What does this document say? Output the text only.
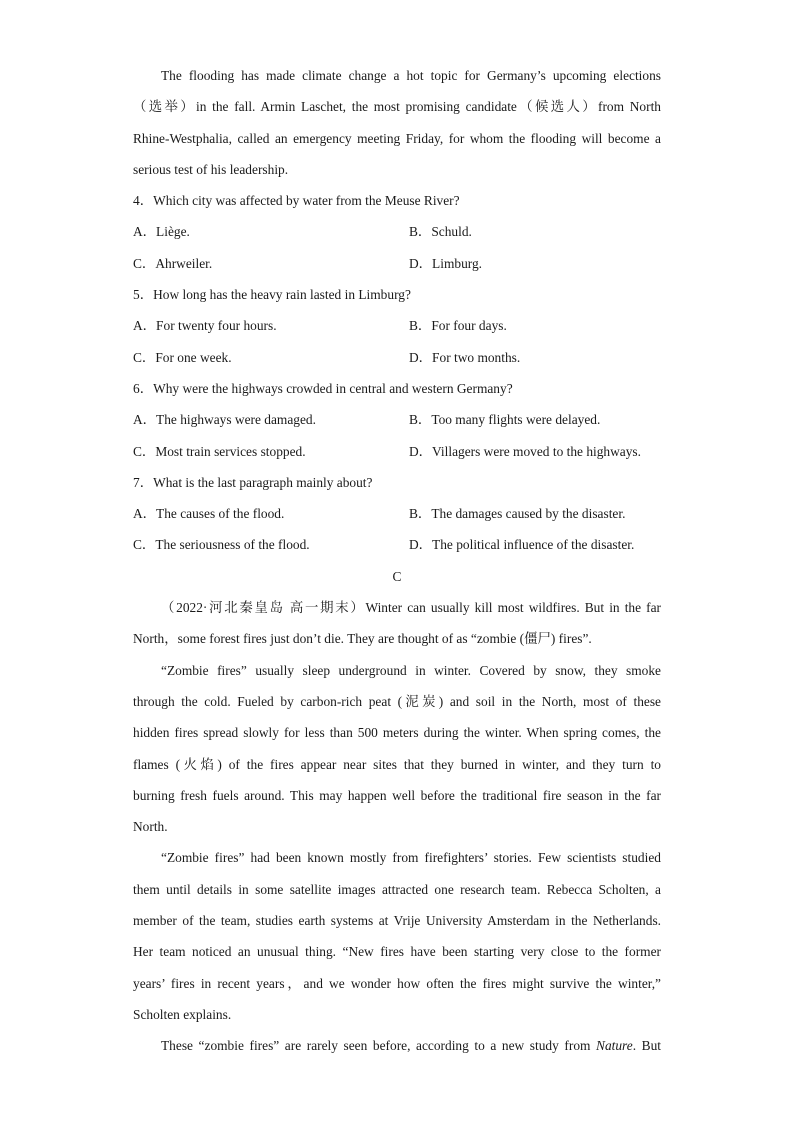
The flooding has made climate change a hot topic for Germany’s upcoming elections
（选举）in the fall. Armin Laschet, the most promising candidate（候选人）from North
Rhine-Westphalia, called an emergency meeting Friday, for whom the flooding will become a
serious test of his leadership.
4．Which city was affected by water from the Meuse River?
A．Liège.	B．Schuld.
C．Ahrweiler.	D．Limburg.
5．How long has the heavy rain lasted in Limburg?
A．For twenty four hours.	B．For four days.
C．For one week.	D．For two months.
6．Why were the highways crowded in central and western Germany?
A．The highways were damaged.	B．Too many flights were delayed.
C．Most train services stopped.	D．Villagers were moved to the highways.
7．What is the last paragraph mainly about?
A．The causes of the flood.	B．The damages caused by the disaster.
C．The seriousness of the flood.	D．The political influence of the disaster.
C
（2022·河北秦皇岛 高一期末）Winter can usually kill most wildfires. But in the far
North，some forest fires just don’t die. They are thought of as “zombie (僵尸) fires”.
“Zombie fires” usually sleep underground in winter. Covered by snow, they smoke
through the cold. Fueled by carbon-rich peat (泥炭) and soil in the North, most of these
hidden fires spread slowly for less than 500 meters during the winter. When spring comes, the
flames (火焰) of the fires appear near sites that they burned in winter, and they turn to
burning fresh fuels around. This may happen well before the traditional fire season in the far
North.
“Zombie fires” had been known mostly from firefighters’ stories. Few scientists studied
them until details in some satellite images attracted one research team. Rebecca Scholten, a
member of the team, studies earth systems at Vrije University Amsterdam in the Netherlands.
Her team noticed an unusual thing. “New fires have been starting very close to the former
years’ fires in recent years，and we wonder how often the fires might survive the winter,”
Scholten explains.
These “zombie fires” are rarely seen before, according to a new study from Nature. But
